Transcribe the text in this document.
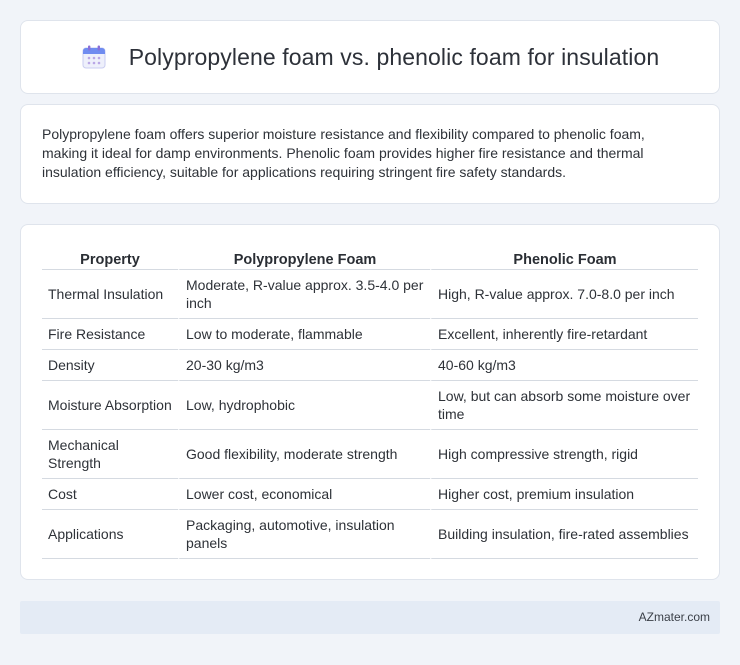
Polypropylene foam vs. phenolic foam for insulation

Polypropylene foam offers superior moisture resistance and flexibility compared to phenolic foam, making it ideal for damp environments. Phenolic foam provides higher fire resistance and thermal insulation efficiency, suitable for applications requiring stringent fire safety standards.

Property	Polypropylene Foam	Phenolic Foam
Thermal Insulation	Moderate, R-value approx. 3.5-4.0 per inch	High, R-value approx. 7.0-8.0 per inch
Fire Resistance	Low to moderate, flammable	Excellent, inherently fire-retardant
Density	20-30 kg/m3	40-60 kg/m3
Moisture Absorption	Low, hydrophobic	Low, but can absorb some moisture over time
Mechanical Strength	Good flexibility, moderate strength	High compressive strength, rigid
Cost	Lower cost, economical	Higher cost, premium insulation
Applications	Packaging, automotive, insulation panels	Building insulation, fire-rated assemblies
AZmater.com
